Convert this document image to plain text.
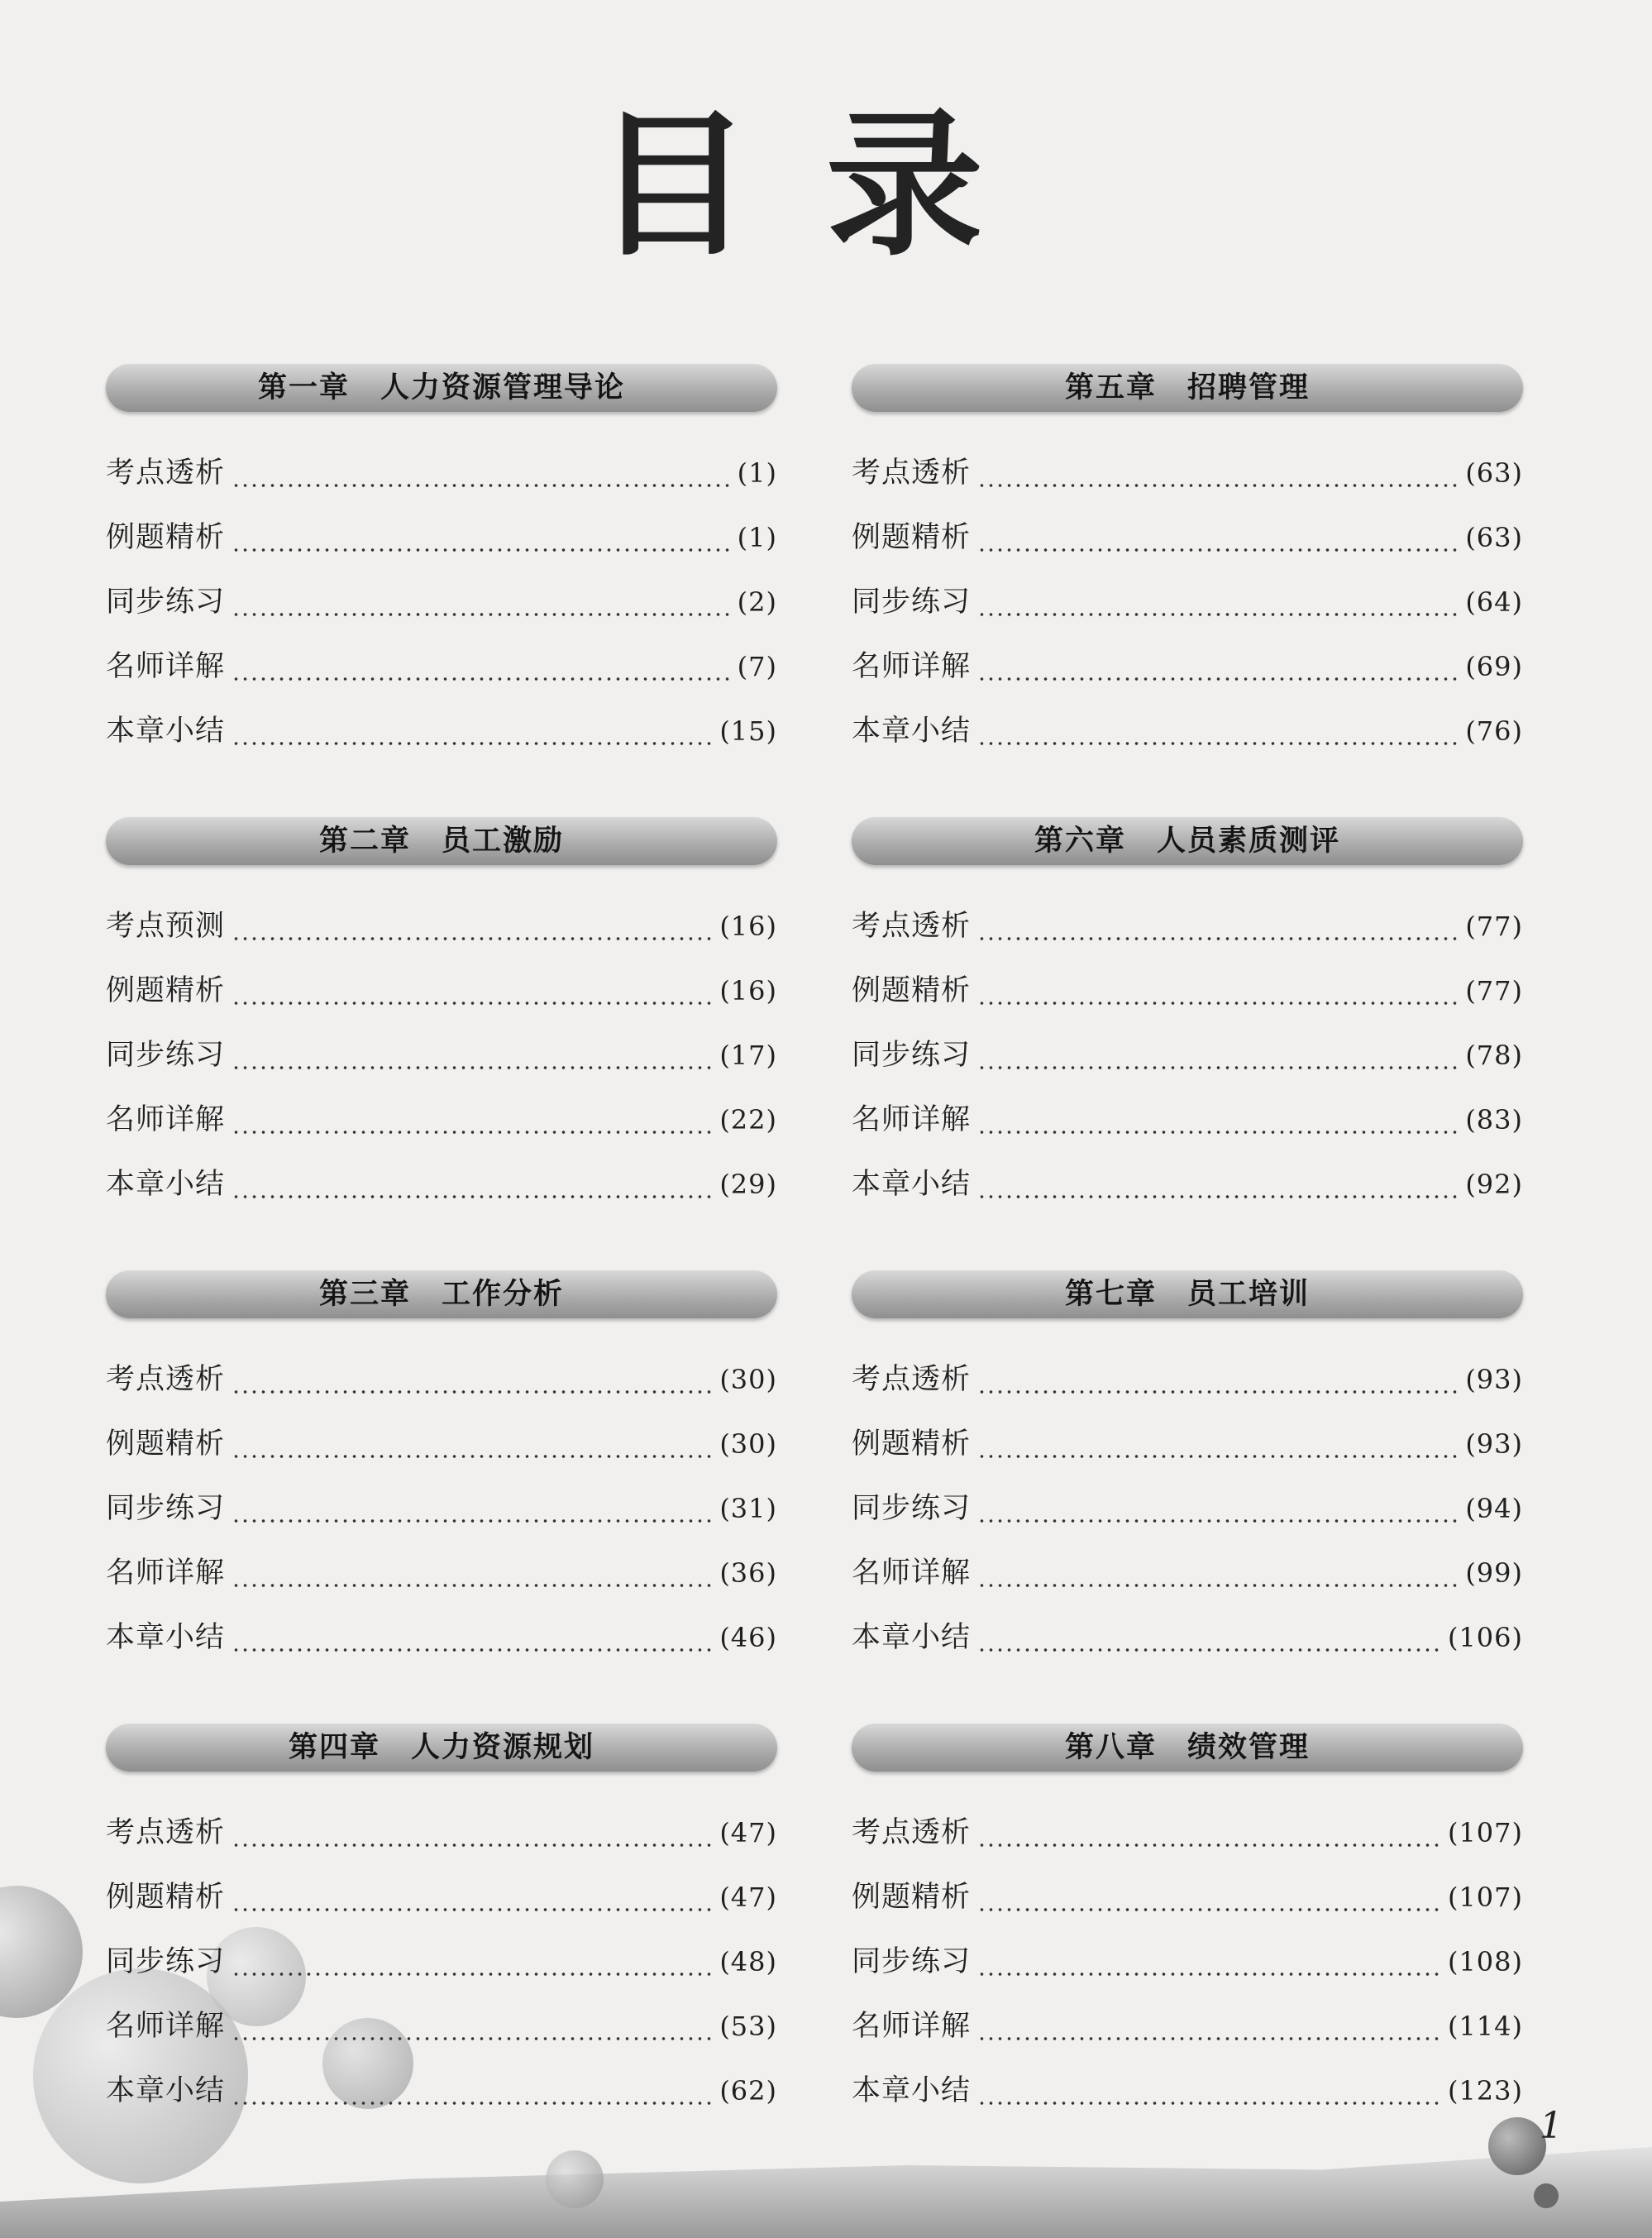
目录
第一章　人力资源管理导论
考点透析	(1)
例题精析	(1)
同步练习	(2)
名师详解	(7)
本章小结	(15)
第二章　员工激励
考点预测	(16)
例题精析	(16)
同步练习	(17)
名师详解	(22)
本章小结	(29)
第三章　工作分析
考点透析	(30)
例题精析	(30)
同步练习	(31)
名师详解	(36)
本章小结	(46)
第四章　人力资源规划
考点透析	(47)
例题精析	(47)
同步练习	(48)
名师详解	(53)
本章小结	(62)
第五章　招聘管理
考点透析	(63)
例题精析	(63)
同步练习	(64)
名师详解	(69)
本章小结	(76)
第六章　人员素质测评
考点透析	(77)
例题精析	(77)
同步练习	(78)
名师详解	(83)
本章小结	(92)
第七章　员工培训
考点透析	(93)
例题精析	(93)
同步练习	(94)
名师详解	(99)
本章小结	(106)
第八章　绩效管理
考点透析	(107)
例题精析	(107)
同步练习	(108)
名师详解	(114)
本章小结	(123)
1
